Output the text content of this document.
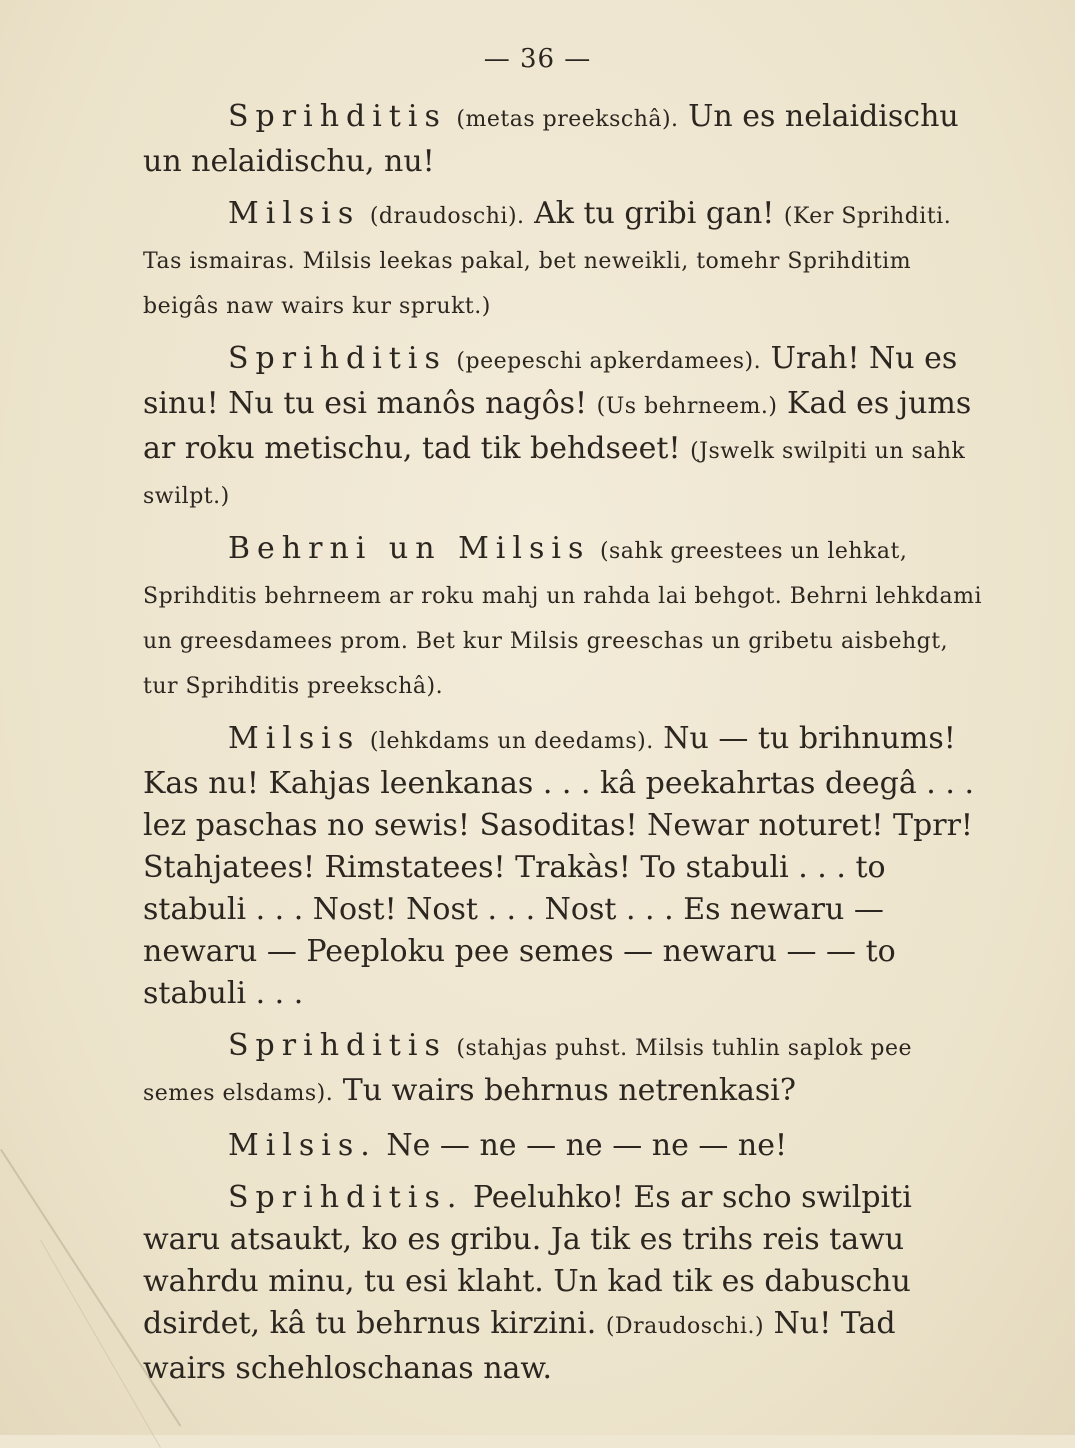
— 36 —

Sprihditis (metas preekschâ). Un es nelaidischu un nelaidischu, nu!

Milsis (draudoschi). Ak tu gribi gan! (Ker Sprihditi. Tas ismairas. Milsis leekas pakal, bet neweikli, tomehr Sprihditim beigâs naw wairs kur sprukt.)

Sprihditis (peepeschi apkerdamees). Urah! Nu es sinu! Nu tu esi manôs nagôs! (Us behrneem.) Kad es jums ar roku metischu, tad tik behdseet! (Jswelk swilpiti un sahk swilpt.)

Behrni un Milsis (sahk greestees un lehkat, Sprihditis behrneem ar roku mahj un rahda lai behgot. Behrni lehkdami un greesdamees prom. Bet kur Milsis greeschas un gribetu aisbehgt, tur Sprihditis preekschâ).

Milsis (lehkdams un deedams). Nu — tu brihnums! Kas nu! Kahjas leenkanas . . . kâ peekahrtas deegâ . . . lez paschas no sewis! Sasoditas! Newar noturet! Tprr! Stahjatees! Rimstatees! Trakàs! To stabuli . . . to stabuli . . . Nost! Nost . . . Nost . . . Es newaru — newaru — Peeploku pee semes — newaru — — to stabuli . . .

Sprihditis (stahjas puhst. Milsis tuhlin saplok pee semes elsdams). Tu wairs behrnus netrenkasi?

Milsis. Ne — ne — ne — ne — ne!

Sprihditis. Peeluhko! Es ar scho swilpiti waru atsaukt, ko es gribu. Ja tik es trihs reis tawu wahrdu minu, tu esi klaht. Un kad tik es dabuschu dsirdet, kâ tu behrnus kirzini. (Draudoschi.) Nu! Tad wairs schehloschanas naw.
